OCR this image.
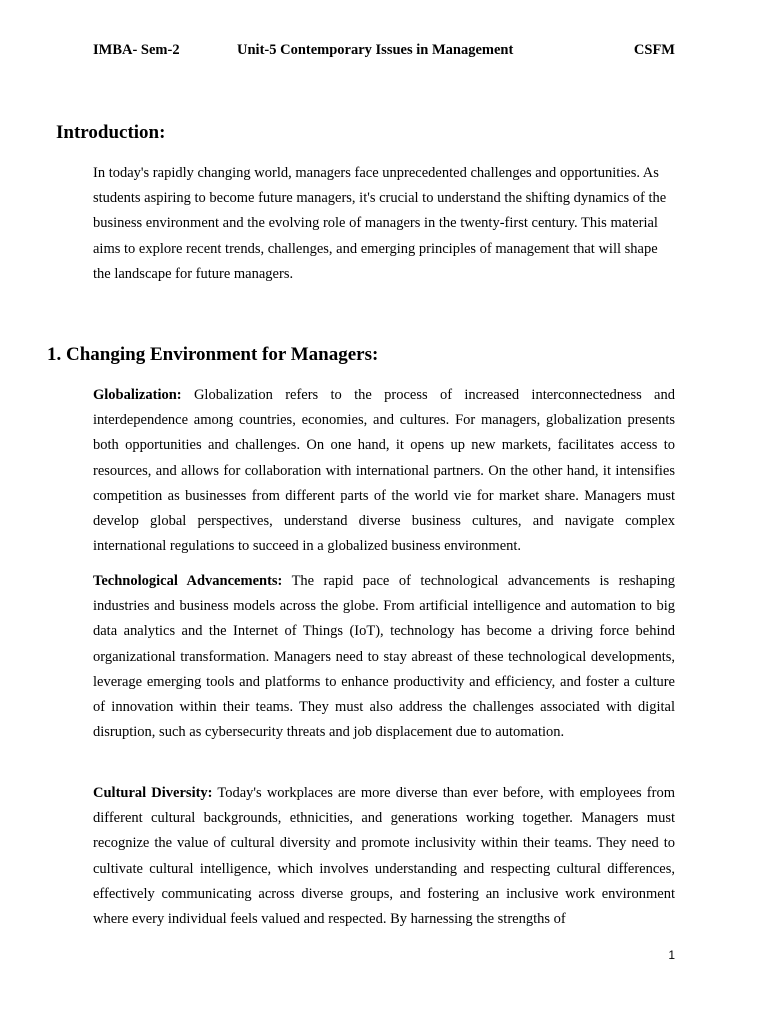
IMBA- Sem-2	Unit-5 Contemporary Issues in Management	CSFM
Introduction:

In today's rapidly changing world, managers face unprecedented challenges and opportunities. As students aspiring to become future managers, it's crucial to understand the shifting dynamics of the business environment and the evolving role of managers in the twenty-first century. This material aims to explore recent trends, challenges, and emerging principles of management that will shape the landscape for future managers.

1. Changing Environment for Managers:

Globalization: Globalization refers to the process of increased interconnectedness and interdependence among countries, economies, and cultures. For managers, globalization presents both opportunities and challenges. On one hand, it opens up new markets, facilitates access to resources, and allows for collaboration with international partners. On the other hand, it intensifies competition as businesses from different parts of the world vie for market share. Managers must develop global perspectives, understand diverse business cultures, and navigate complex international regulations to succeed in a globalized business environment.

Technological Advancements: The rapid pace of technological advancements is reshaping industries and business models across the globe. From artificial intelligence and automation to big data analytics and the Internet of Things (IoT), technology has become a driving force behind organizational transformation. Managers need to stay abreast of these technological developments, leverage emerging tools and platforms to enhance productivity and efficiency, and foster a culture of innovation within their teams. They must also address the challenges associated with digital disruption, such as cybersecurity threats and job displacement due to automation.

Cultural Diversity: Today's workplaces are more diverse than ever before, with employees from different cultural backgrounds, ethnicities, and generations working together. Managers must recognize the value of cultural diversity and promote inclusivity within their teams. They need to cultivate cultural intelligence, which involves understanding and respecting cultural differences, effectively communicating across diverse groups, and fostering an inclusive work environment where every individual feels valued and respected. By harnessing the strengths of

1
